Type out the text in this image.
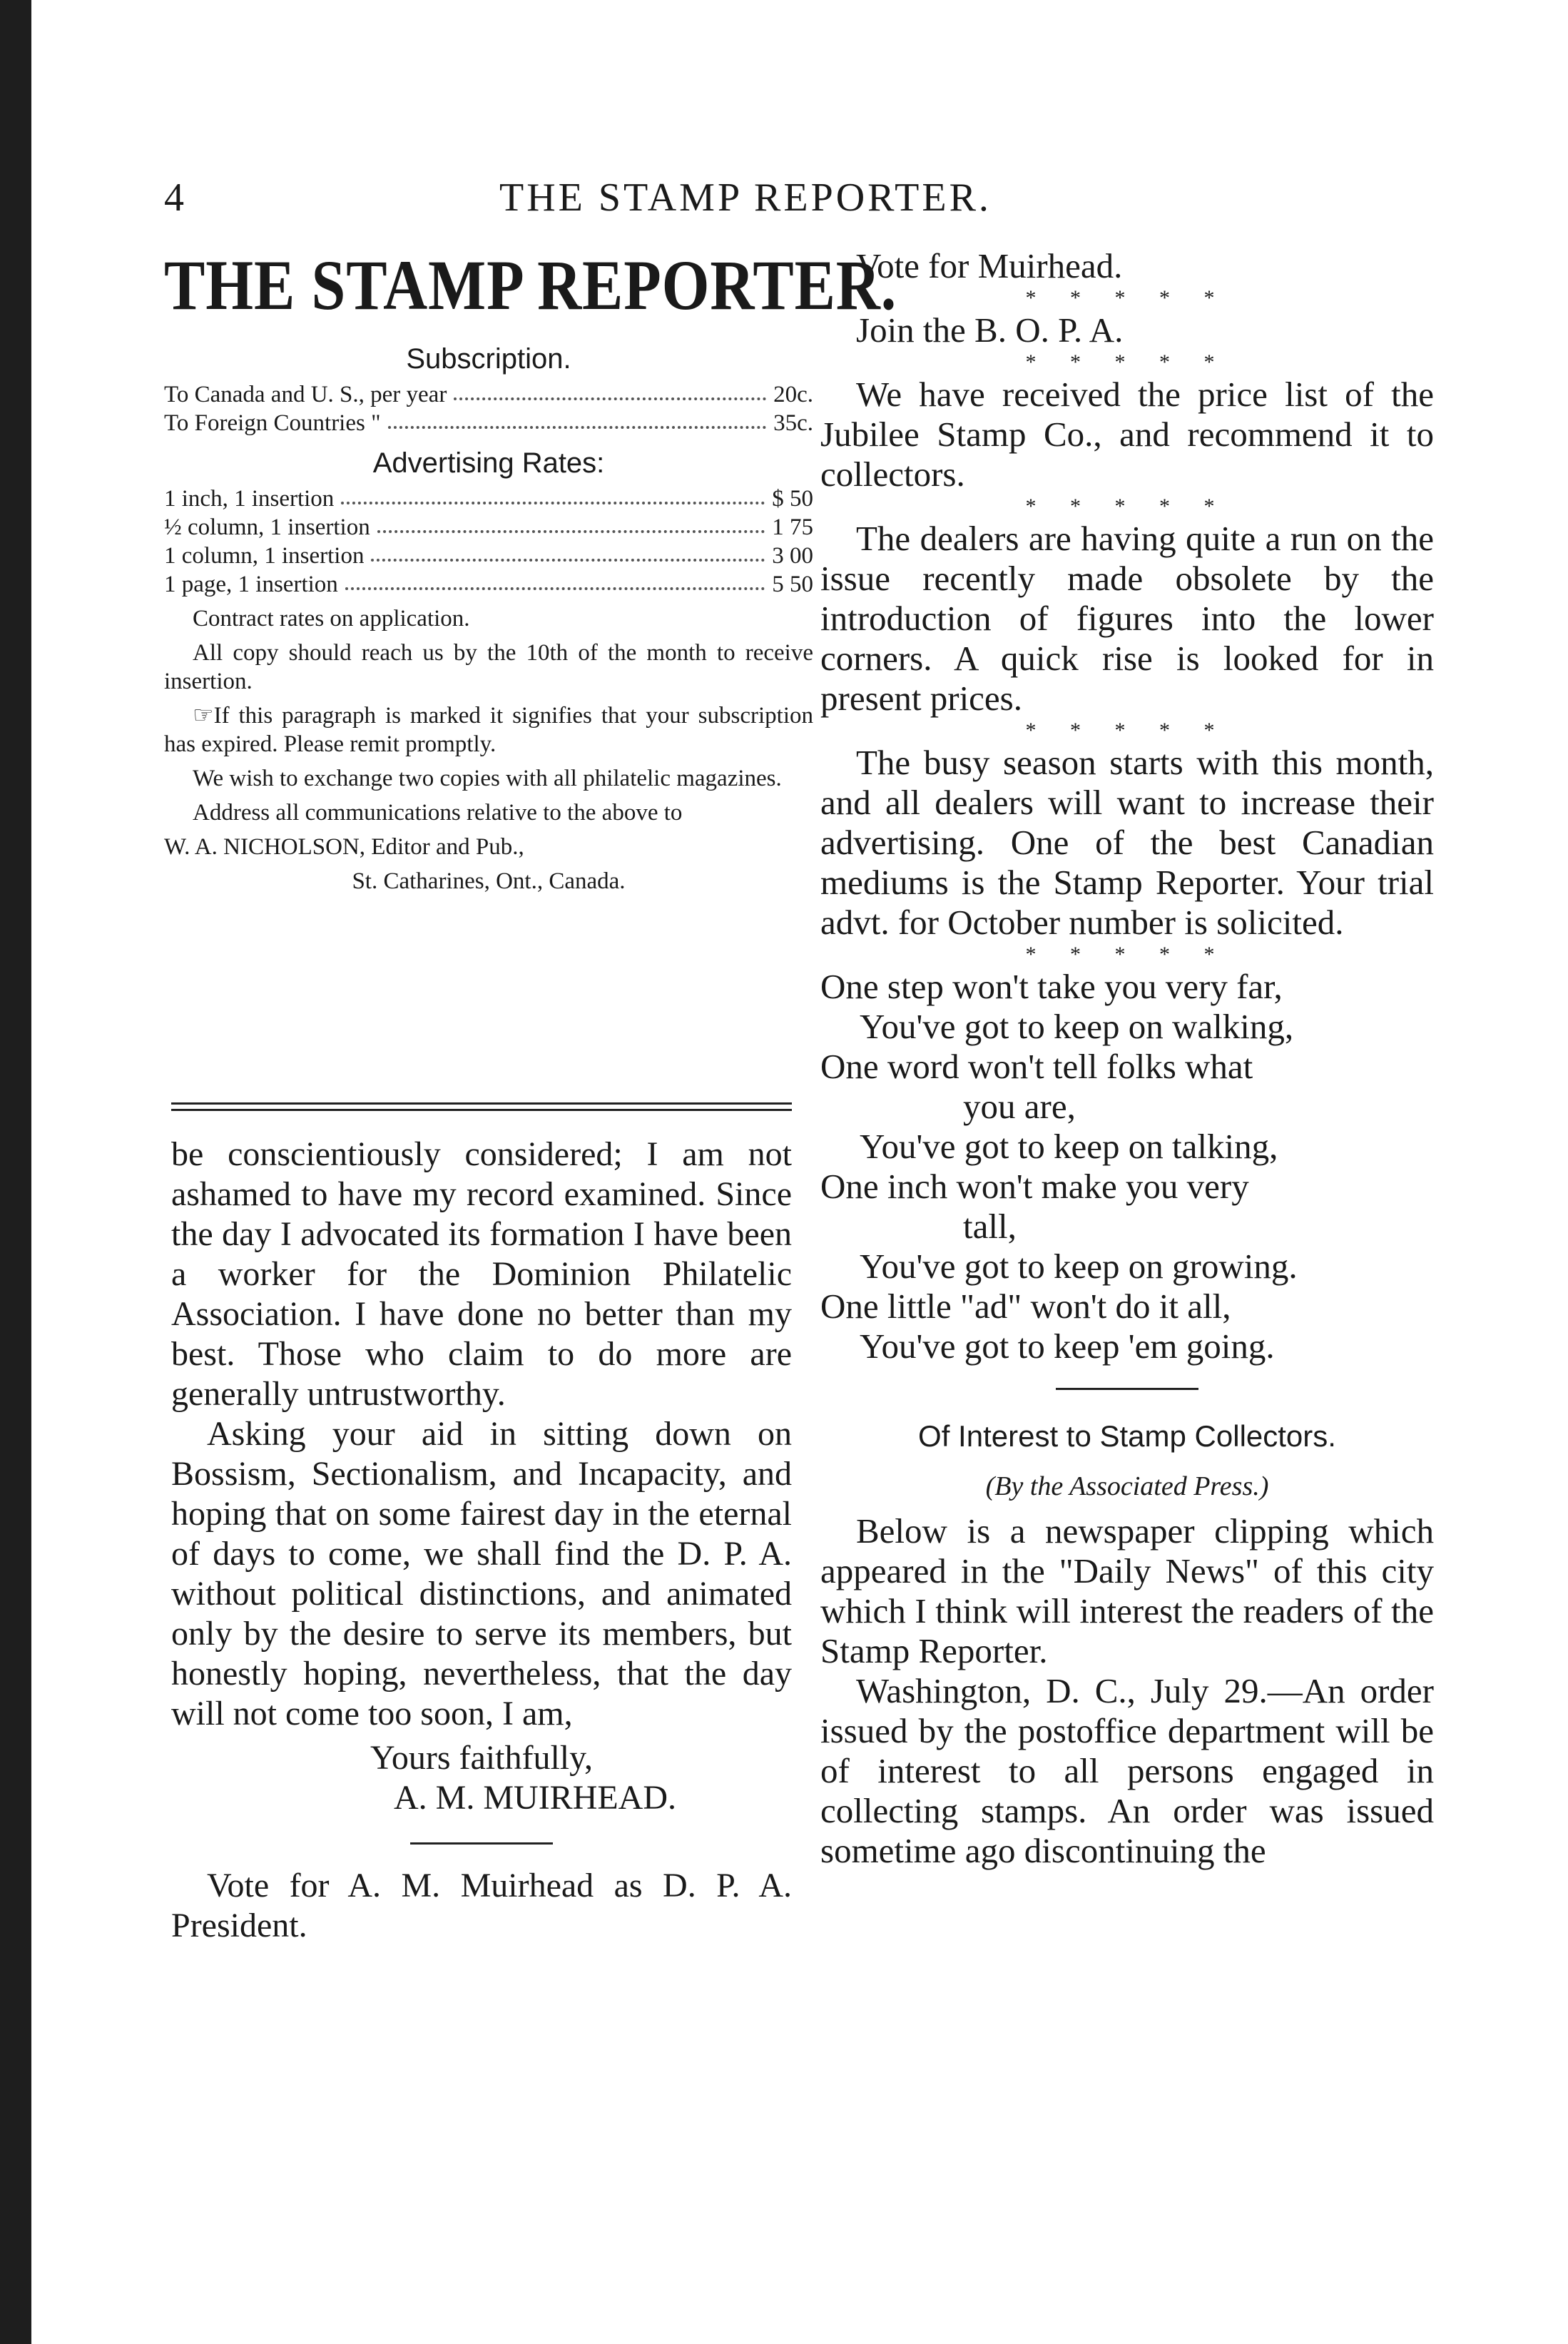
4	THE STAMP REPORTER.
THE STAMP REPORTER.
Subscription.
To Canada and U. S., per year	20c.
To Foreign Countries "	35c.
Advertising Rates:
1 inch, 1 insertion	$ 50
½ column, 1 insertion	1 75
1 column, 1 insertion	3 00
1 page, 1 insertion	5 50
Contract rates on application.
All copy should reach us by the 10th of the month to receive insertion.
☞If this paragraph is marked it signifies that your subscription has expired. Please remit promptly.
We wish to exchange two copies with all philatelic magazines.
Address all communications relative to the above to
W. A. NICHOLSON, Editor and Pub.,
St. Catharines, Ont., Canada.

be conscientiously considered; I am not ashamed to have my record examined. Since the day I advocated its formation I have been a worker for the Dominion Philatelic Association. I have done no better than my best. Those who claim to do more are generally untrustworthy.

Asking your aid in sitting down on Bossism, Sectionalism, and Incapacity, and hoping that on some fairest day in the eternal of days to come, we shall find the D. P. A. without political distinctions, and animated only by the desire to serve its members, but honestly hoping, nevertheless, that the day will not come too soon, I am,

Yours faithfully,

A. M. MUIRHEAD.

Vote for A. M. Muirhead as D. P. A. President.

Vote for Muirhead.

* * * * *

Join the B. O. P. A.

* * * * *

We have received the price list of the Jubilee Stamp Co., and recommend it to collectors.

* * * * *

The dealers are having quite a run on the issue recently made obsolete by the introduction of figures into the lower corners. A quick rise is looked for in present prices.

* * * * *

The busy season starts with this month, and all dealers will want to increase their advertising. One of the best Canadian mediums is the Stamp Reporter. Your trial advt. for October number is solicited.

* * * * *
One step won't take you very far,
You've got to keep on walking,
One word won't tell folks what
you are,
You've got to keep on talking,
One inch won't make you very
tall,
You've got to keep on growing.
One little "ad" won't do it all,
You've got to keep 'em going.
Of Interest to Stamp Collectors.
(By the Associated Press.)

Below is a newspaper clipping which appeared in the "Daily News" of this city which I think will interest the readers of the Stamp Reporter.

Washington, D. C., July 29.—An order issued by the postoffice department will be of interest to all persons engaged in collecting stamps. An order was issued sometime ago discontinuing the
